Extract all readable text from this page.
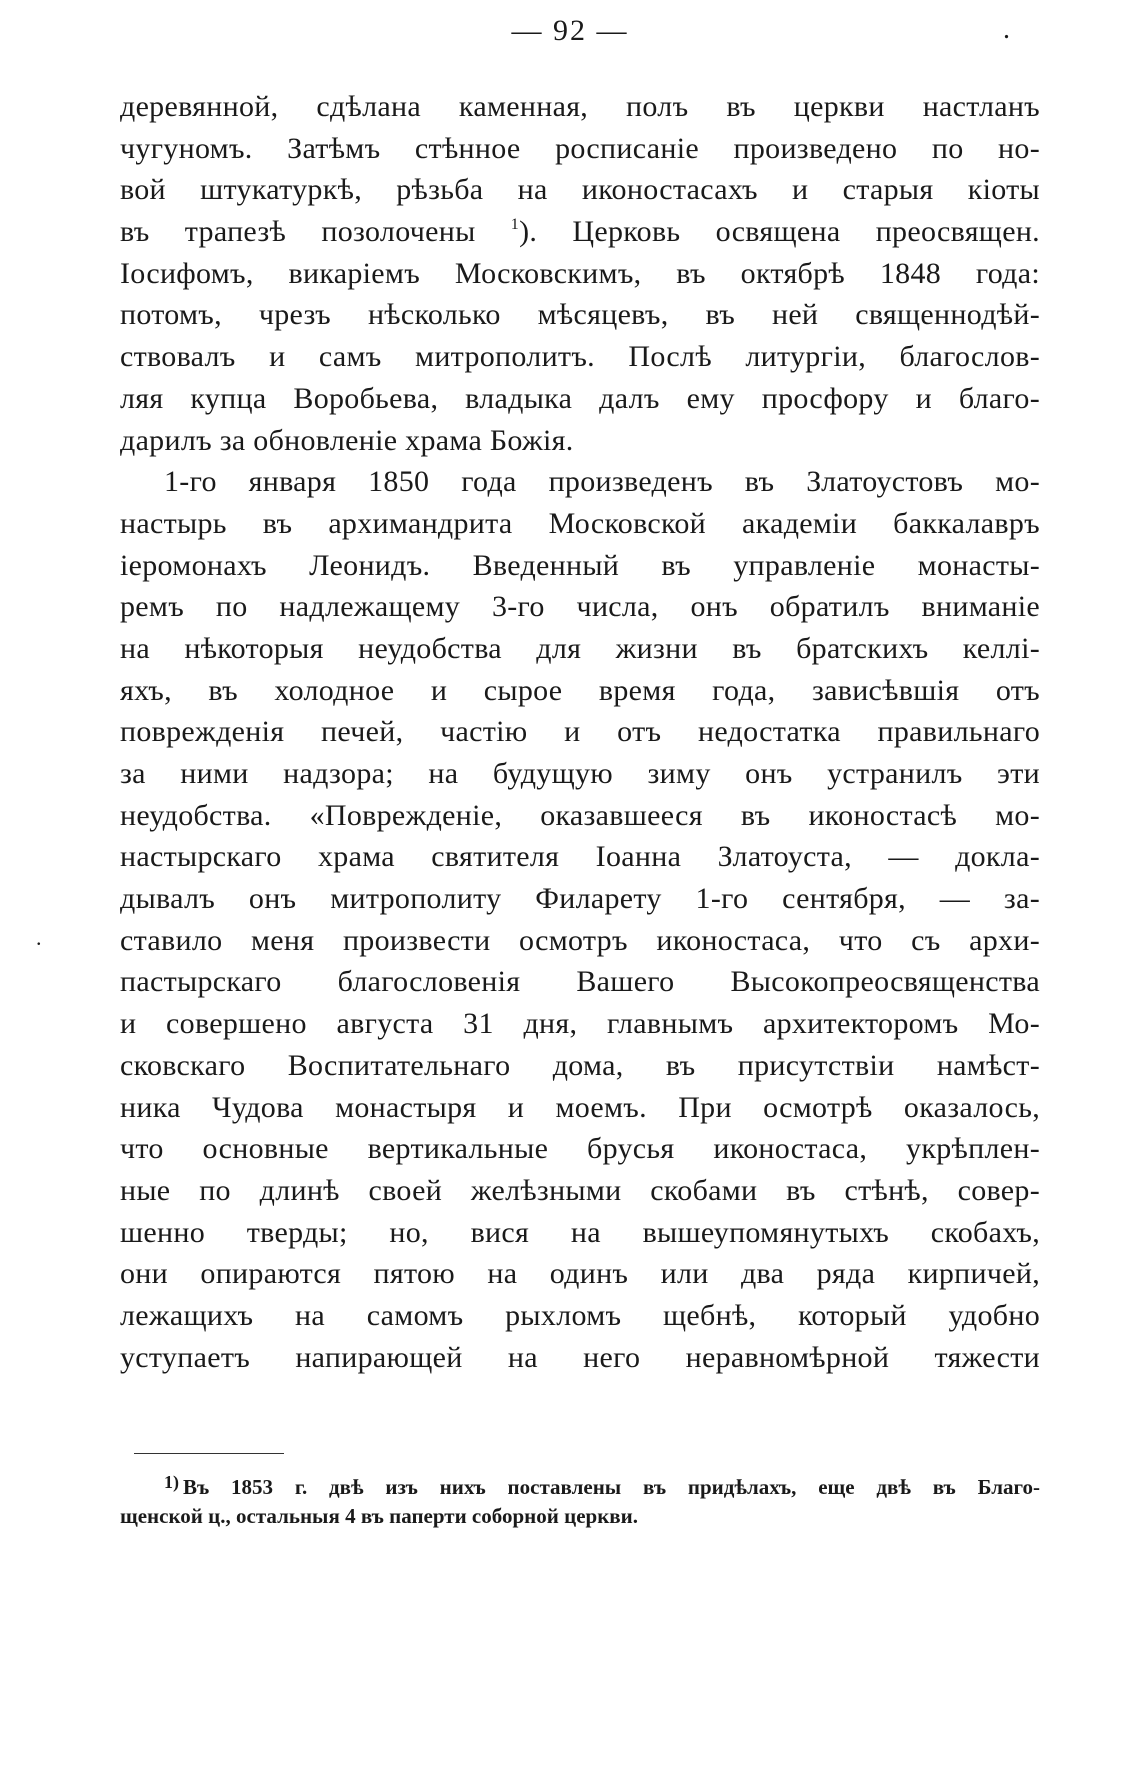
— 92 —	.
.
деревянной, сдѣлана каменная, полъ въ церкви настланъ
чугуномъ. Затѣмъ стѣнное росписаніе произведено по но-
вой штукатуркѣ, рѣзьба на иконостасахъ и старыя кіоты
въ трапезѣ позолочены $^1$). Церковь освящена преосвящен.
Іосифомъ, викаріемъ Московскимъ, въ октябрѣ 1848 года:
потомъ, чрезъ нѣсколько мѣсяцевъ, въ ней священнодѣй-
ствовалъ и самъ митрополитъ. Послѣ литургіи, благослов-
ляя купца Воробьева, владыка далъ ему просфору и благо-
дарилъ за обновленіе храма Божія.
1-го января 1850 года произведенъ въ Златоустовъ мо-
настырь въ архимандрита Московской академіи баккалавръ
іеромонахъ Леонидъ. Введенный въ управленіе монасты-
ремъ по надлежащему 3-го числа, онъ обратилъ вниманіе
на нѣкоторыя неудобства для жизни въ братскихъ келлі-
яхъ, въ холодное и сырое время года, зависѣвшія отъ
поврежденія печей, частію и отъ недостатка правильнаго
за ними надзора; на будущую зиму онъ устранилъ эти
неудобства. «Поврежденіе, оказавшееся въ иконостасѣ мо-
настырскаго храма святителя Іоанна Златоуста, — докла-
дывалъ онъ митрополиту Филарету 1-го сентября, — за-
ставило меня произвести осмотръ иконостаса, что съ архи-
пастырскаго благословенія Вашего Высокопреосвященства
и совершено августа 31 дня, главнымъ архитекторомъ Мо-
сковскаго Воспитательнаго дома, въ присутствіи намѣст-
ника Чудова монастыря и моемъ. При осмотрѣ оказалось,
что основные вертикальные брусья иконостаса, укрѣплен-
ные по длинѣ своей желѣзными скобами въ стѣнѣ, совер-
шенно тверды; но, вися на вышеупомянутыхъ скобахъ,
они опираются пятою на одинъ или два ряда кирпичей,
лежащихъ на самомъ рыхломъ щебнѣ, который удобно
уступаетъ напирающей на него неравномѣрной тяжести
1) Въ 1853 г. двѣ изъ нихъ поставлены въ придѣлахъ, еще двѣ въ Благо-
щенской ц., остальныя 4 въ паперти соборной церкви.
